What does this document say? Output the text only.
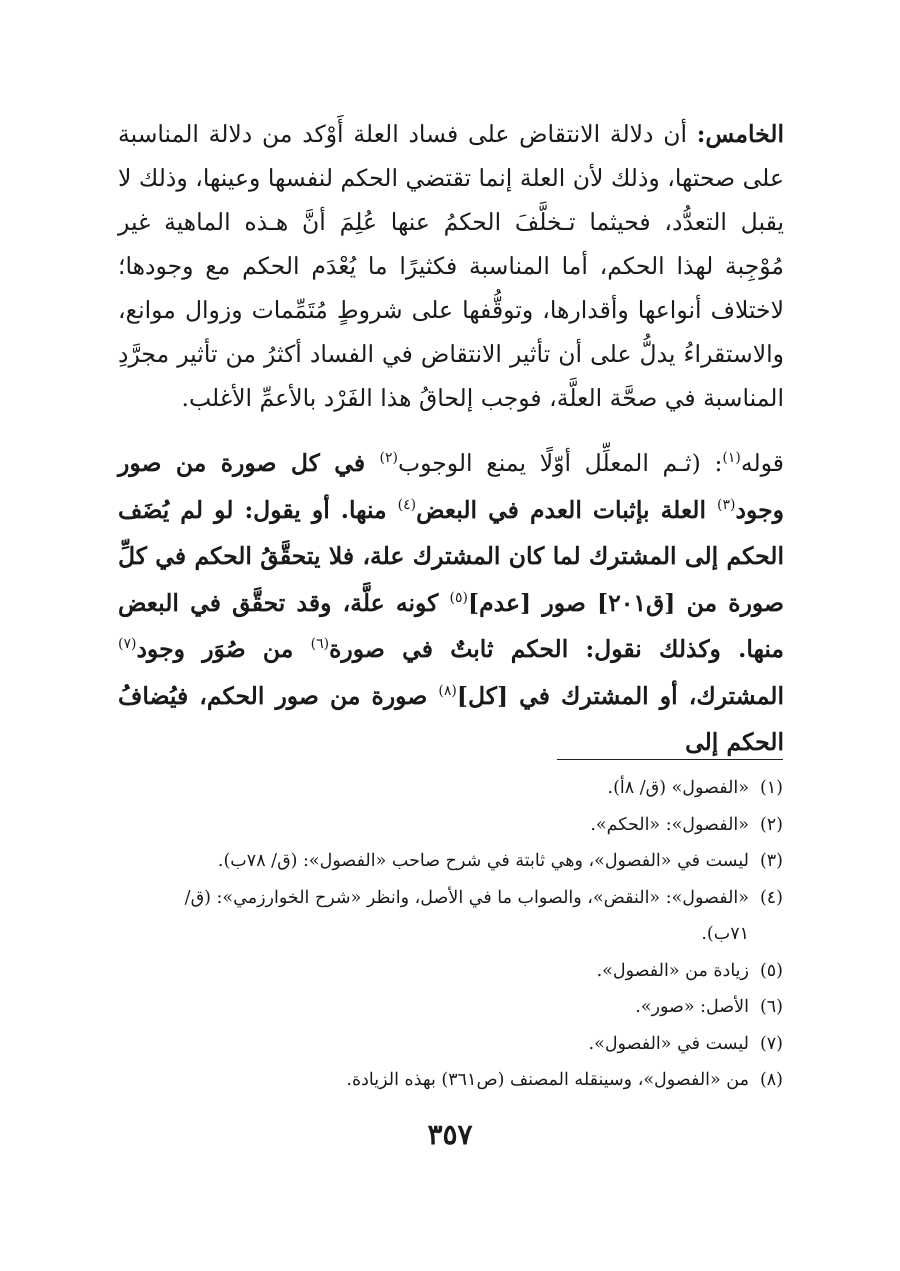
الخامس: أن دلالة الانتقاض على فساد العلة أَوْكد من دلالة المناسبة على صحتها، وذلك لأن العلة إنما تقتضي الحكم لنفسها وعينها، وذلك لا يقبل التعدُّد، فحيثما تـخلَّفَ الحكمُ عنها عُلِمَ أنَّ هـذه الماهية غير مُوْجِبة لهذا الحكم، أما المناسبة فكثيرًا ما يُعْدَم الحكم مع وجودها؛ لاختلاف أنواعها وأقدارها، وتوقُّفها على شروطٍ مُتَمِّمات وزوال موانع، والاستقراءُ يدلُّ على أن تأثير الانتقاض في الفساد أكثرُ من تأثير مجرَّدِ المناسبة في صحَّة العلَّة، فوجب إلحاقُ هذا الفَرْد بالأعمِّ الأغلب.
قوله$^{(١)}$: (ثـم المعلِّل أوّلًا يمنع الوجوب$^{(٢)}$ في كل صورة من صور وجود$^{(٣)}$ العلة بإثبات العدم في البعض$^{(٤)}$ منها. أو يقول: لو لم يُضَف الحكم إلى المشترك لما كان المشترك علة، فلا يتحقَّقُ الحكم في كلِّ صورة من [ق٢٠١] صور [عدم]$^{(٥)}$ كونه علَّة، وقد تحقَّق في البعض منها. وكذلك نقول: الحكم ثابتٌ في صورة$^{(٦)}$ من صُوَر وجود$^{(٧)}$ المشترك، أو المشترك في [كل]$^{(٨)}$ صورة من صور الحكم، فيُضافُ الحكم إلى
(١)
«الفصول» (ق/ ٨أ).
(٢)
«الفصول»: «الحكم».
(٣)
ليست في «الفصول»، وهي ثابتة في شرح صاحب «الفصول»: (ق/ ٧٨ب).
(٤)
«الفصول»: «النقض»، والصواب ما في الأصل، وانظر «شرح الخوارزمي»: (ق/ ٧١ب).
(٥)
زيادة من «الفصول».
(٦)
الأصل: «صور».
(٧)
ليست في «الفصول».
(٨)
من «الفصول»، وسينقله المصنف (ص٣٦١) بهذه الزيادة.
٣٥٧
